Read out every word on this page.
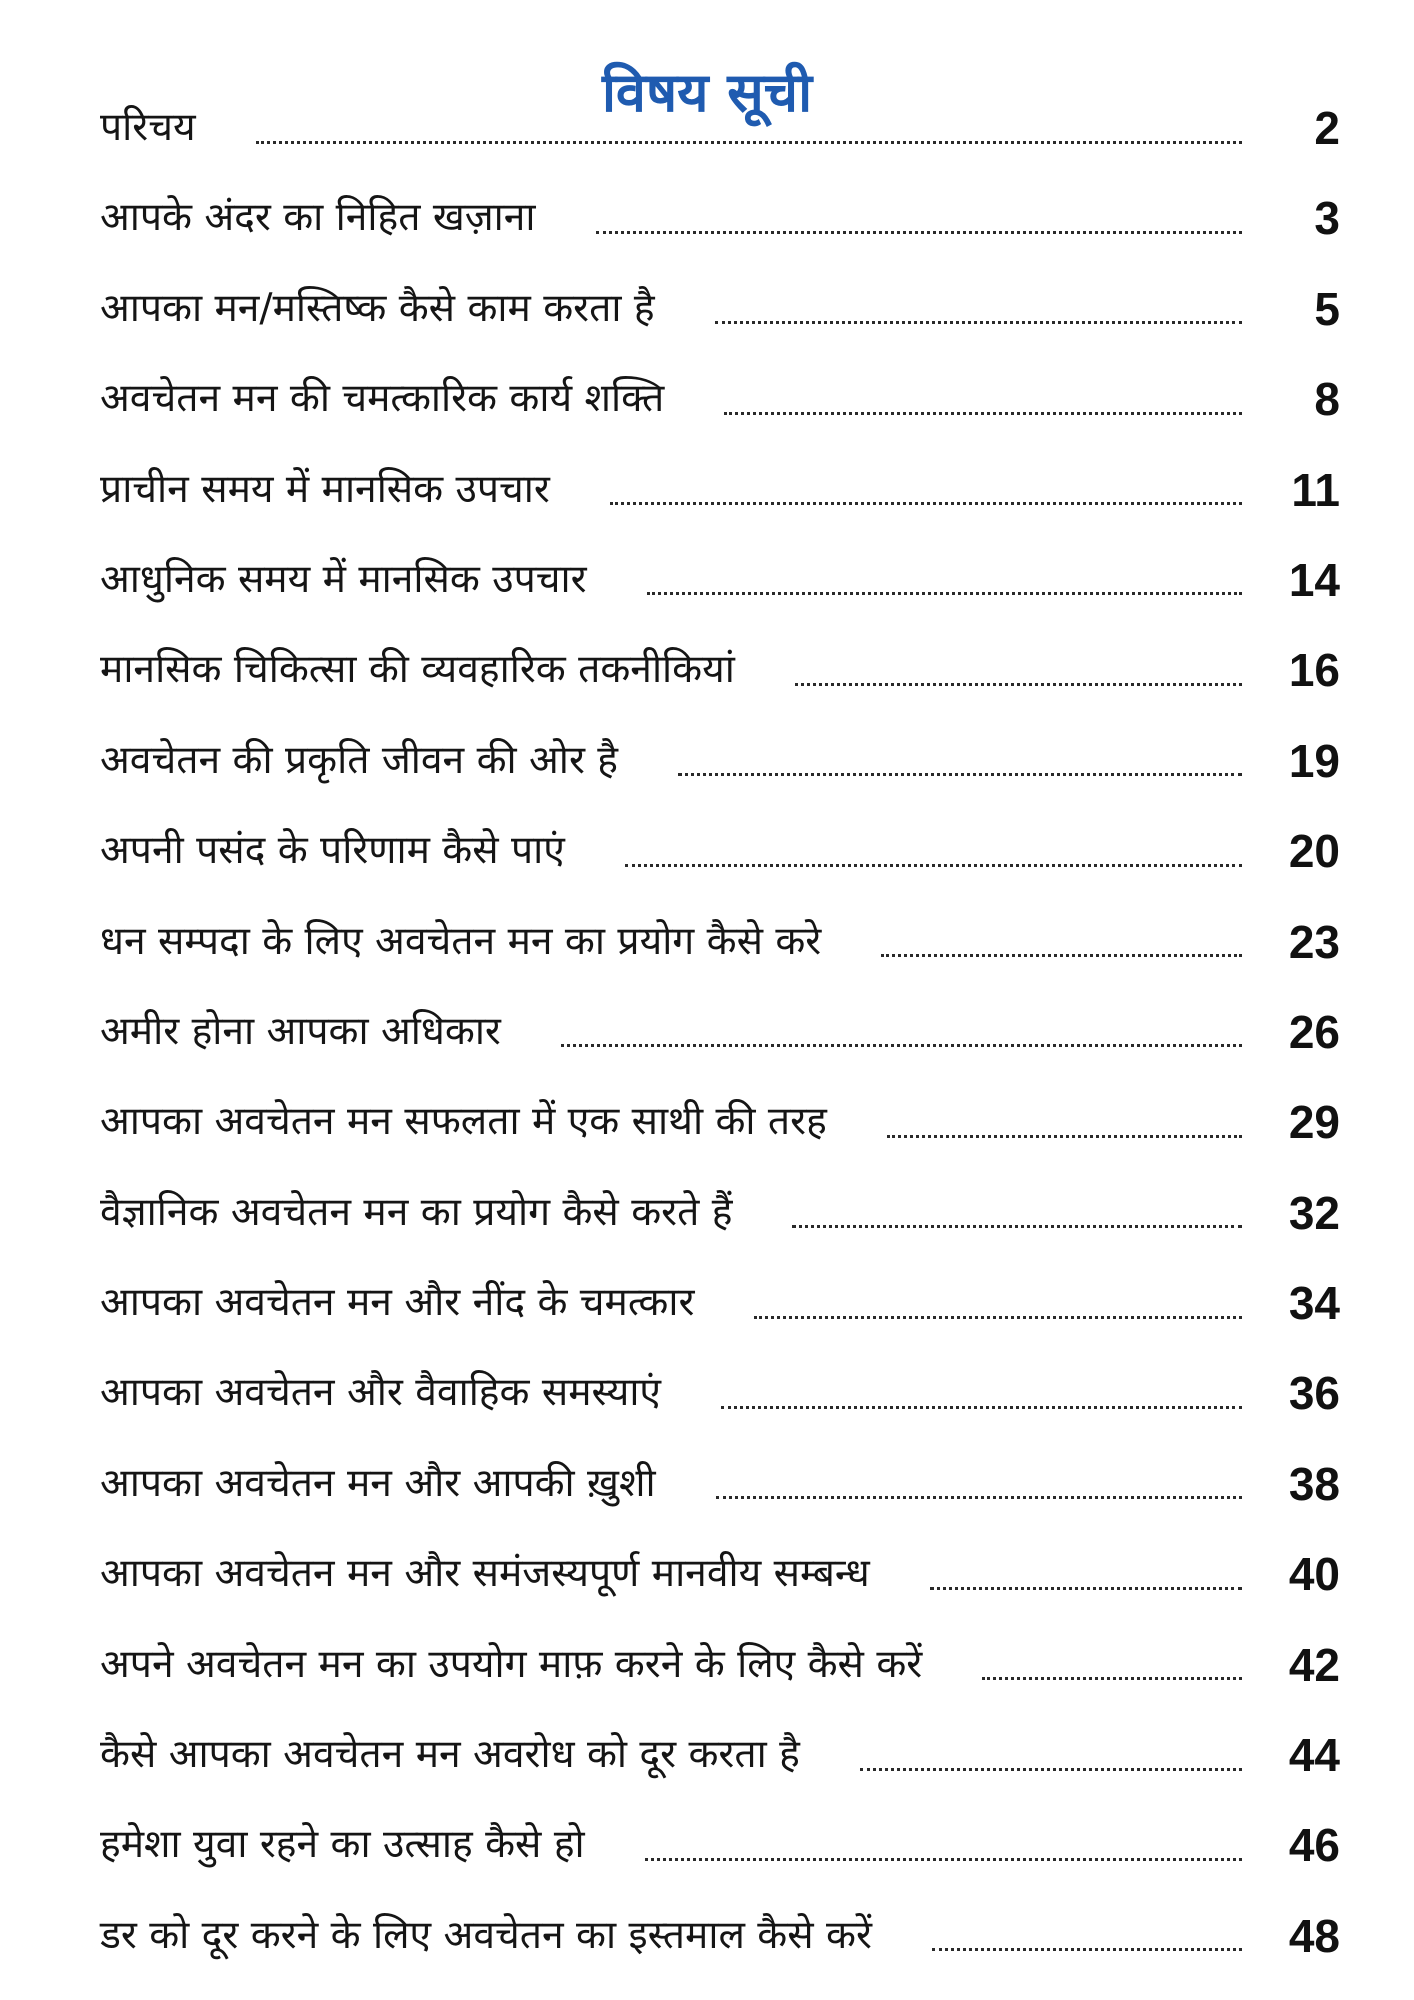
विषय सूची
परिचय	2
आपके अंदर का निहित खज़ाना	3
आपका मन/मस्तिष्क कैसे काम करता है	5
अवचेतन मन की चमत्कारिक कार्य शक्ति	8
प्राचीन समय में मानसिक उपचार	11
आधुनिक समय में मानसिक उपचार	14
मानसिक चिकित्सा की व्यवहारिक तकनीकियां	16
अवचेतन की प्रकृति जीवन की ओर है	19
अपनी पसंद के परिणाम कैसे पाएं	20
धन सम्पदा के लिए अवचेतन मन का प्रयोग कैसे करे	23
अमीर होना आपका अधिकार	26
आपका अवचेतन मन सफलता में एक साथी की तरह	29
वैज्ञानिक अवचेतन मन का प्रयोग कैसे करते हैं	32
आपका अवचेतन मन और नींद के चमत्कार	34
आपका अवचेतन और वैवाहिक समस्याएं	36
आपका अवचेतन मन और आपकी ख़ुशी	38
आपका अवचेतन मन और समंजस्यपूर्ण मानवीय सम्बन्ध	40
अपने अवचेतन मन का उपयोग माफ़ करने के लिए कैसे करें	42
कैसे आपका अवचेतन मन अवरोध को दूर करता है	44
हमेशा युवा रहने का उत्साह कैसे हो	46
डर को दूर करने के लिए अवचेतन का इस्तमाल कैसे करें	48
